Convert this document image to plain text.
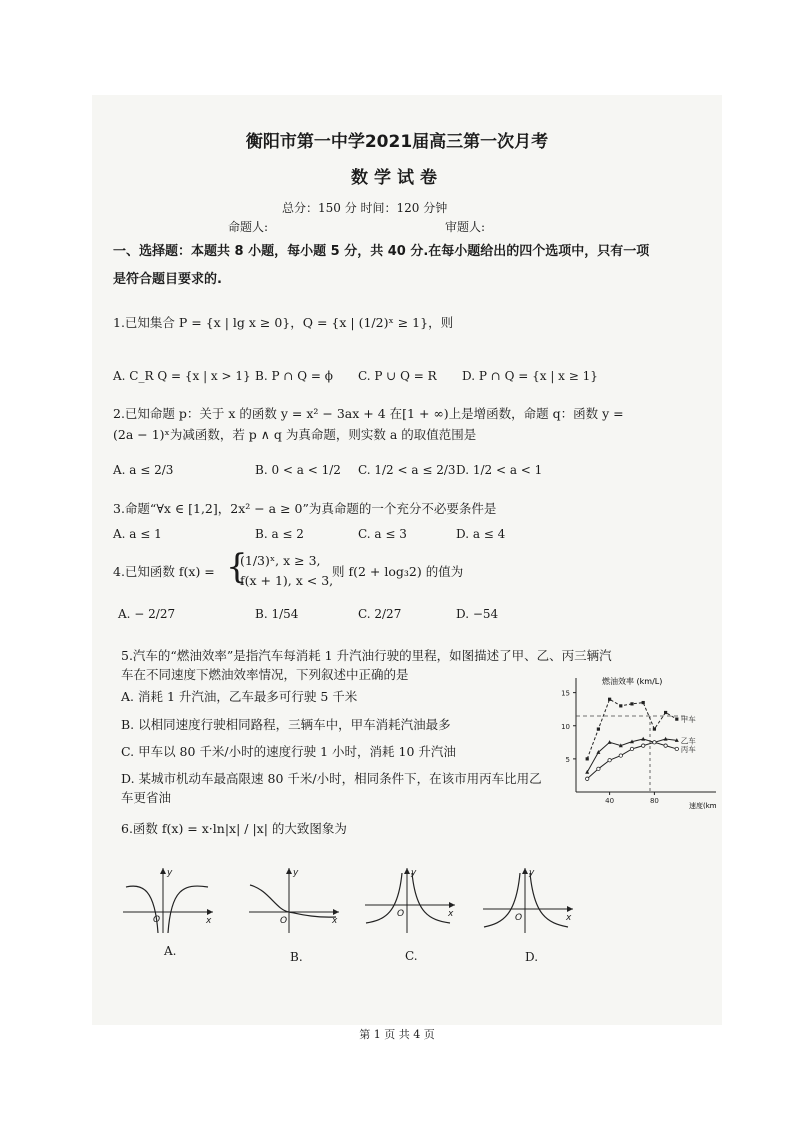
衡阳市第一中学2021届高三第一次月考
数学试卷
总分：150 分 时间：120 分钟
命题人:	审题人:
一、选择题：本题共 8 小题，每小题 5 分，共 40 分.在每小题给出的四个选项中，只有一项
是符合题目要求的.
1.已知集合 P = {x | lg x ≥ 0}，Q = {x | (1/2)ˣ ≥ 1}，则
A. C_R Q = {x | x > 1} B. P ∩ Q = ϕ C. P ∪ Q = R D. P ∩ Q = {x | x ≥ 1}
2.已知命题 p：关于 x 的函数 y = x² − 3ax + 4 在[1 + ∞)上是增函数，命题 q：函数 y =
(2a − 1)ˣ为减函数，若 p ∧ q 为真命题，则实数 a 的取值范围是
A. a ≤ 2/3	B. 0 < a < 1/2 C. 1/2 < a ≤ 2/3 D. 1/2 < a < 1
3.命题“∀x ∈ [1,2]，2x² − a ≥ 0”为真命题的一个充分不必要条件是
A. a ≤ 1	B. a ≤ 2	C. a ≤ 3	D. a ≤ 4
4.已知函数 f(x) = {
(1/3)ˣ, x ≥ 3,
f(x + 1), x < 3,
则 f(2 + log₃2) 的值为
A. − 2/27	B. 1/54	C. 2/27	D. −54
5.汽车的“燃油效率”是指汽车每消耗 1 升汽油行驶的里程，如图描述了甲、乙、丙三辆汽
车在不同速度下燃油效率情况，下列叙述中正确的是
A. 消耗 1 升汽油，乙车最多可行驶 5 千米
B. 以相同速度行驶相同路程，三辆车中，甲车消耗汽油最多
C. 甲车以 80 千米/小时的速度行驶 1 小时，消耗 10 升汽油
D. 某城市机动车最高限速 80 千米/小时，相同条件下，在该市用丙车比用乙
车更省油
燃油效率 (km/L)
速度(km
5
10
15
40	80
甲车
乙车
丙车
6.函数 f(x) = x·ln|x| / |x| 的大致图象为
y
x
O
A.
y
x
O
B.
y
x
O
C.
y
x
O
D.
第 1 页 共 4 页
